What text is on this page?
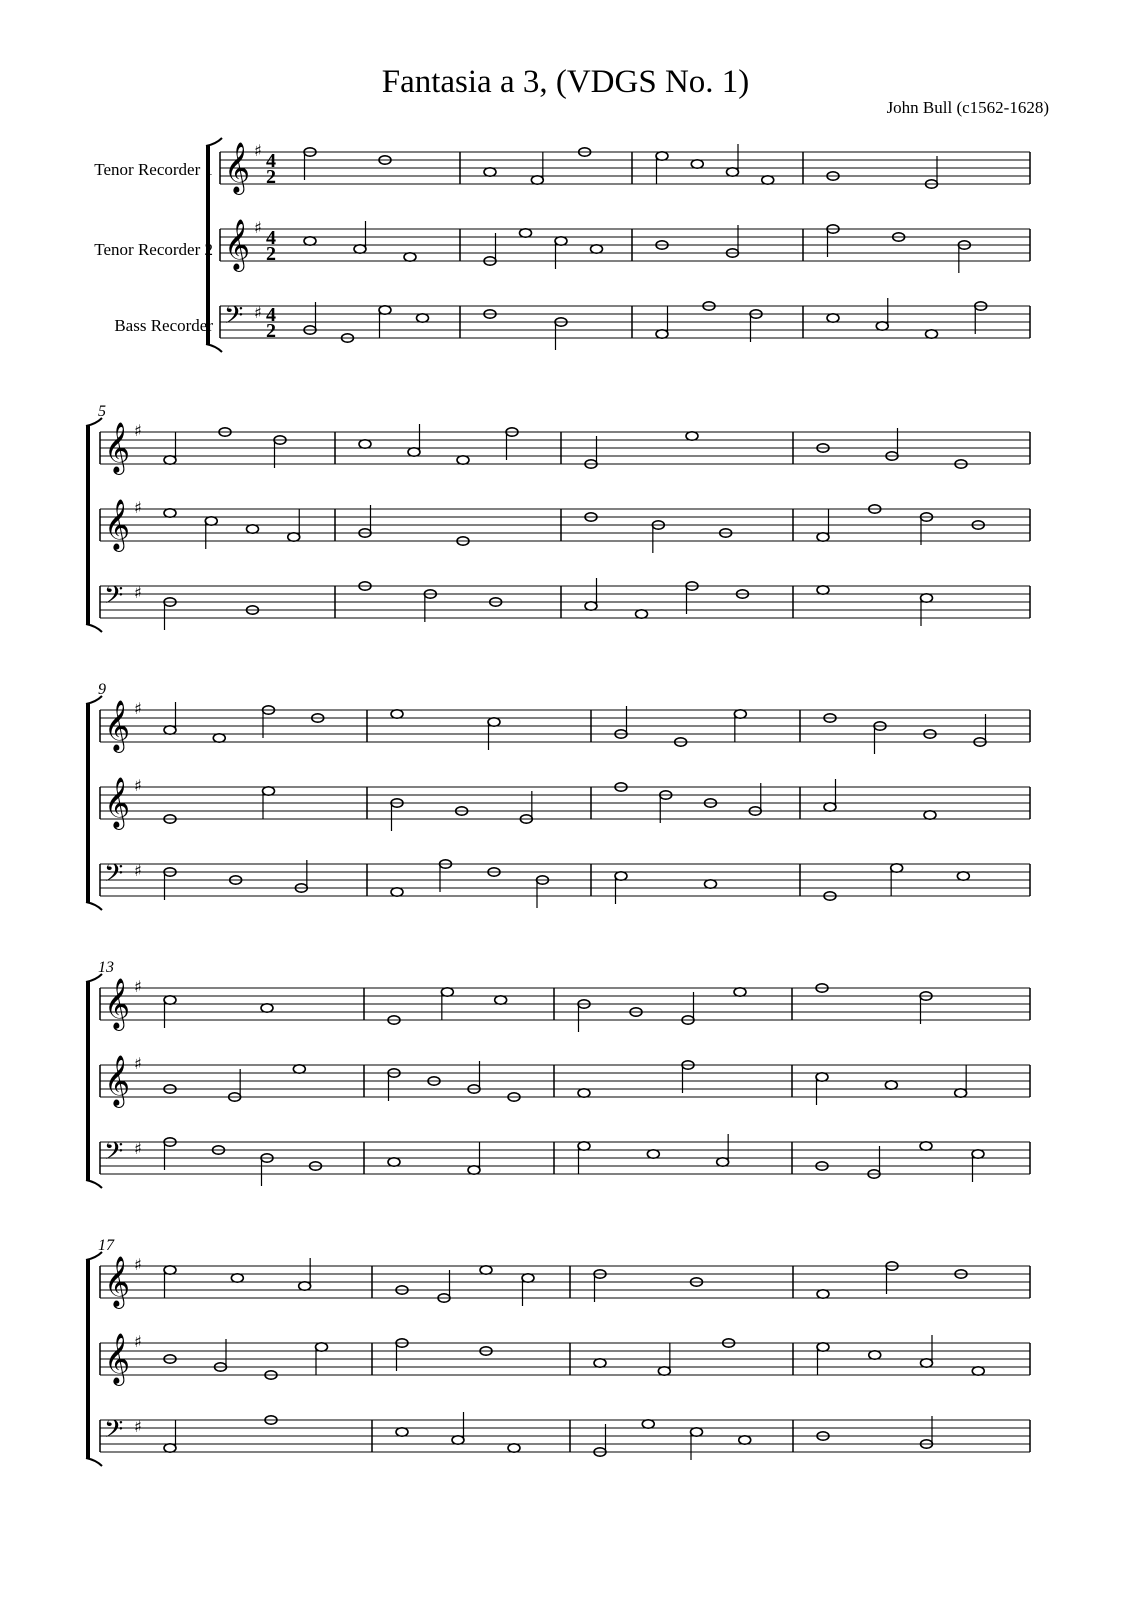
Fantasia a 3, (VDGS No. 1)
John Bull (c1562-1628)
Tenor Recorder 1
Tenor Recorder 2
Bass Recorder
𝄞 ♯ 4
2
𝄞 ♯ 4
2
𝄢 ♯ 4
2
𝄞 ♯
𝄞 ♯
𝄢 ♯
5
𝄞 ♯
𝄞 ♯
𝄢 ♯
9
𝄞 ♯
𝄞 ♯
𝄢 ♯
13
𝄞 ♯
𝄞 ♯
𝄢 ♯
17
